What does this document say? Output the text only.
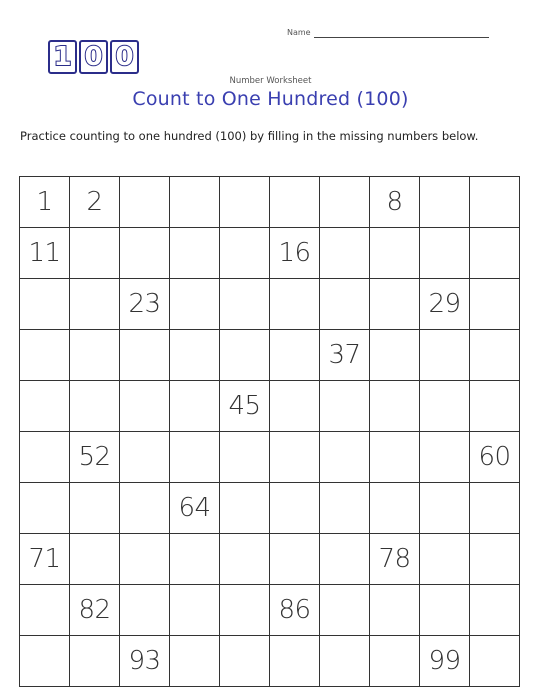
Name
1 0 0
Number Worksheet
Count to One Hundred (100)
Practice counting to one hundred (100) by filling in the missing numbers below.
1	2						8		
11					16				
		23						29	
						37			
				45					
	52								60
			64						
71							78		
	82				86				
		93						99	
